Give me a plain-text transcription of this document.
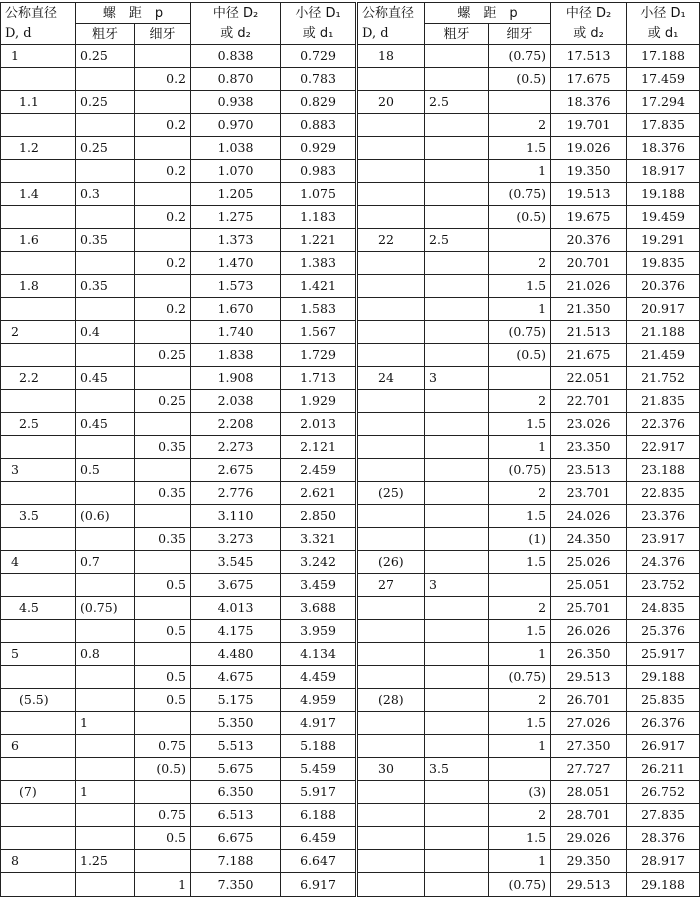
公称直径	螺　距　p		中径 D₂	小径 D₁	公称直径	螺　距　p		中径 D₂	小径 D₁
D, d	粗牙	细牙	或 d₂	或 d₁	D, d	粗牙	细牙	或 d₂	或 d₁
1	0.25		0.838	0.729	18		(0.75)	17.513	17.188
		0.2	0.870	0.783			(0.5)	17.675	17.459
1.1	0.25		0.938	0.829	20	2.5		18.376	17.294
		0.2	0.970	0.883			2	19.701	17.835
1.2	0.25		1.038	0.929			1.5	19.026	18.376
		0.2	1.070	0.983			1	19.350	18.917
1.4	0.3		1.205	1.075			(0.75)	19.513	19.188
		0.2	1.275	1.183			(0.5)	19.675	19.459
1.6	0.35		1.373	1.221	22	2.5		20.376	19.291
		0.2	1.470	1.383			2	20.701	19.835
1.8	0.35		1.573	1.421			1.5	21.026	20.376
		0.2	1.670	1.583			1	21.350	20.917
2	0.4		1.740	1.567			(0.75)	21.513	21.188
		0.25	1.838	1.729			(0.5)	21.675	21.459
2.2	0.45		1.908	1.713	24	3		22.051	21.752
		0.25	2.038	1.929			2	22.701	21.835
2.5	0.45		2.208	2.013			1.5	23.026	22.376
		0.35	2.273	2.121			1	23.350	22.917
3	0.5		2.675	2.459			(0.75)	23.513	23.188
		0.35	2.776	2.621	(25)		2	23.701	22.835
3.5	(0.6)		3.110	2.850			1.5	24.026	23.376
		0.35	3.273	3.321			(1)	24.350	23.917
4	0.7		3.545	3.242	(26)		1.5	25.026	24.376
		0.5	3.675	3.459	27	3		25.051	23.752
4.5	(0.75)		4.013	3.688			2	25.701	24.835
		0.5	4.175	3.959			1.5	26.026	25.376
5	0.8		4.480	4.134			1	26.350	25.917
		0.5	4.675	4.459			(0.75)	29.513	29.188
(5.5)		0.5	5.175	4.959	(28)		2	26.701	25.835
	1		5.350	4.917			1.5	27.026	26.376
6		0.75	5.513	5.188			1	27.350	26.917
		(0.5)	5.675	5.459	30	3.5		27.727	26.211
(7)	1		6.350	5.917			(3)	28.051	26.752
		0.75	6.513	6.188			2	28.701	27.835
		0.5	6.675	6.459			1.5	29.026	28.376
8	1.25		7.188	6.647			1	29.350	28.917
		1	7.350	6.917			(0.75)	29.513	29.188
